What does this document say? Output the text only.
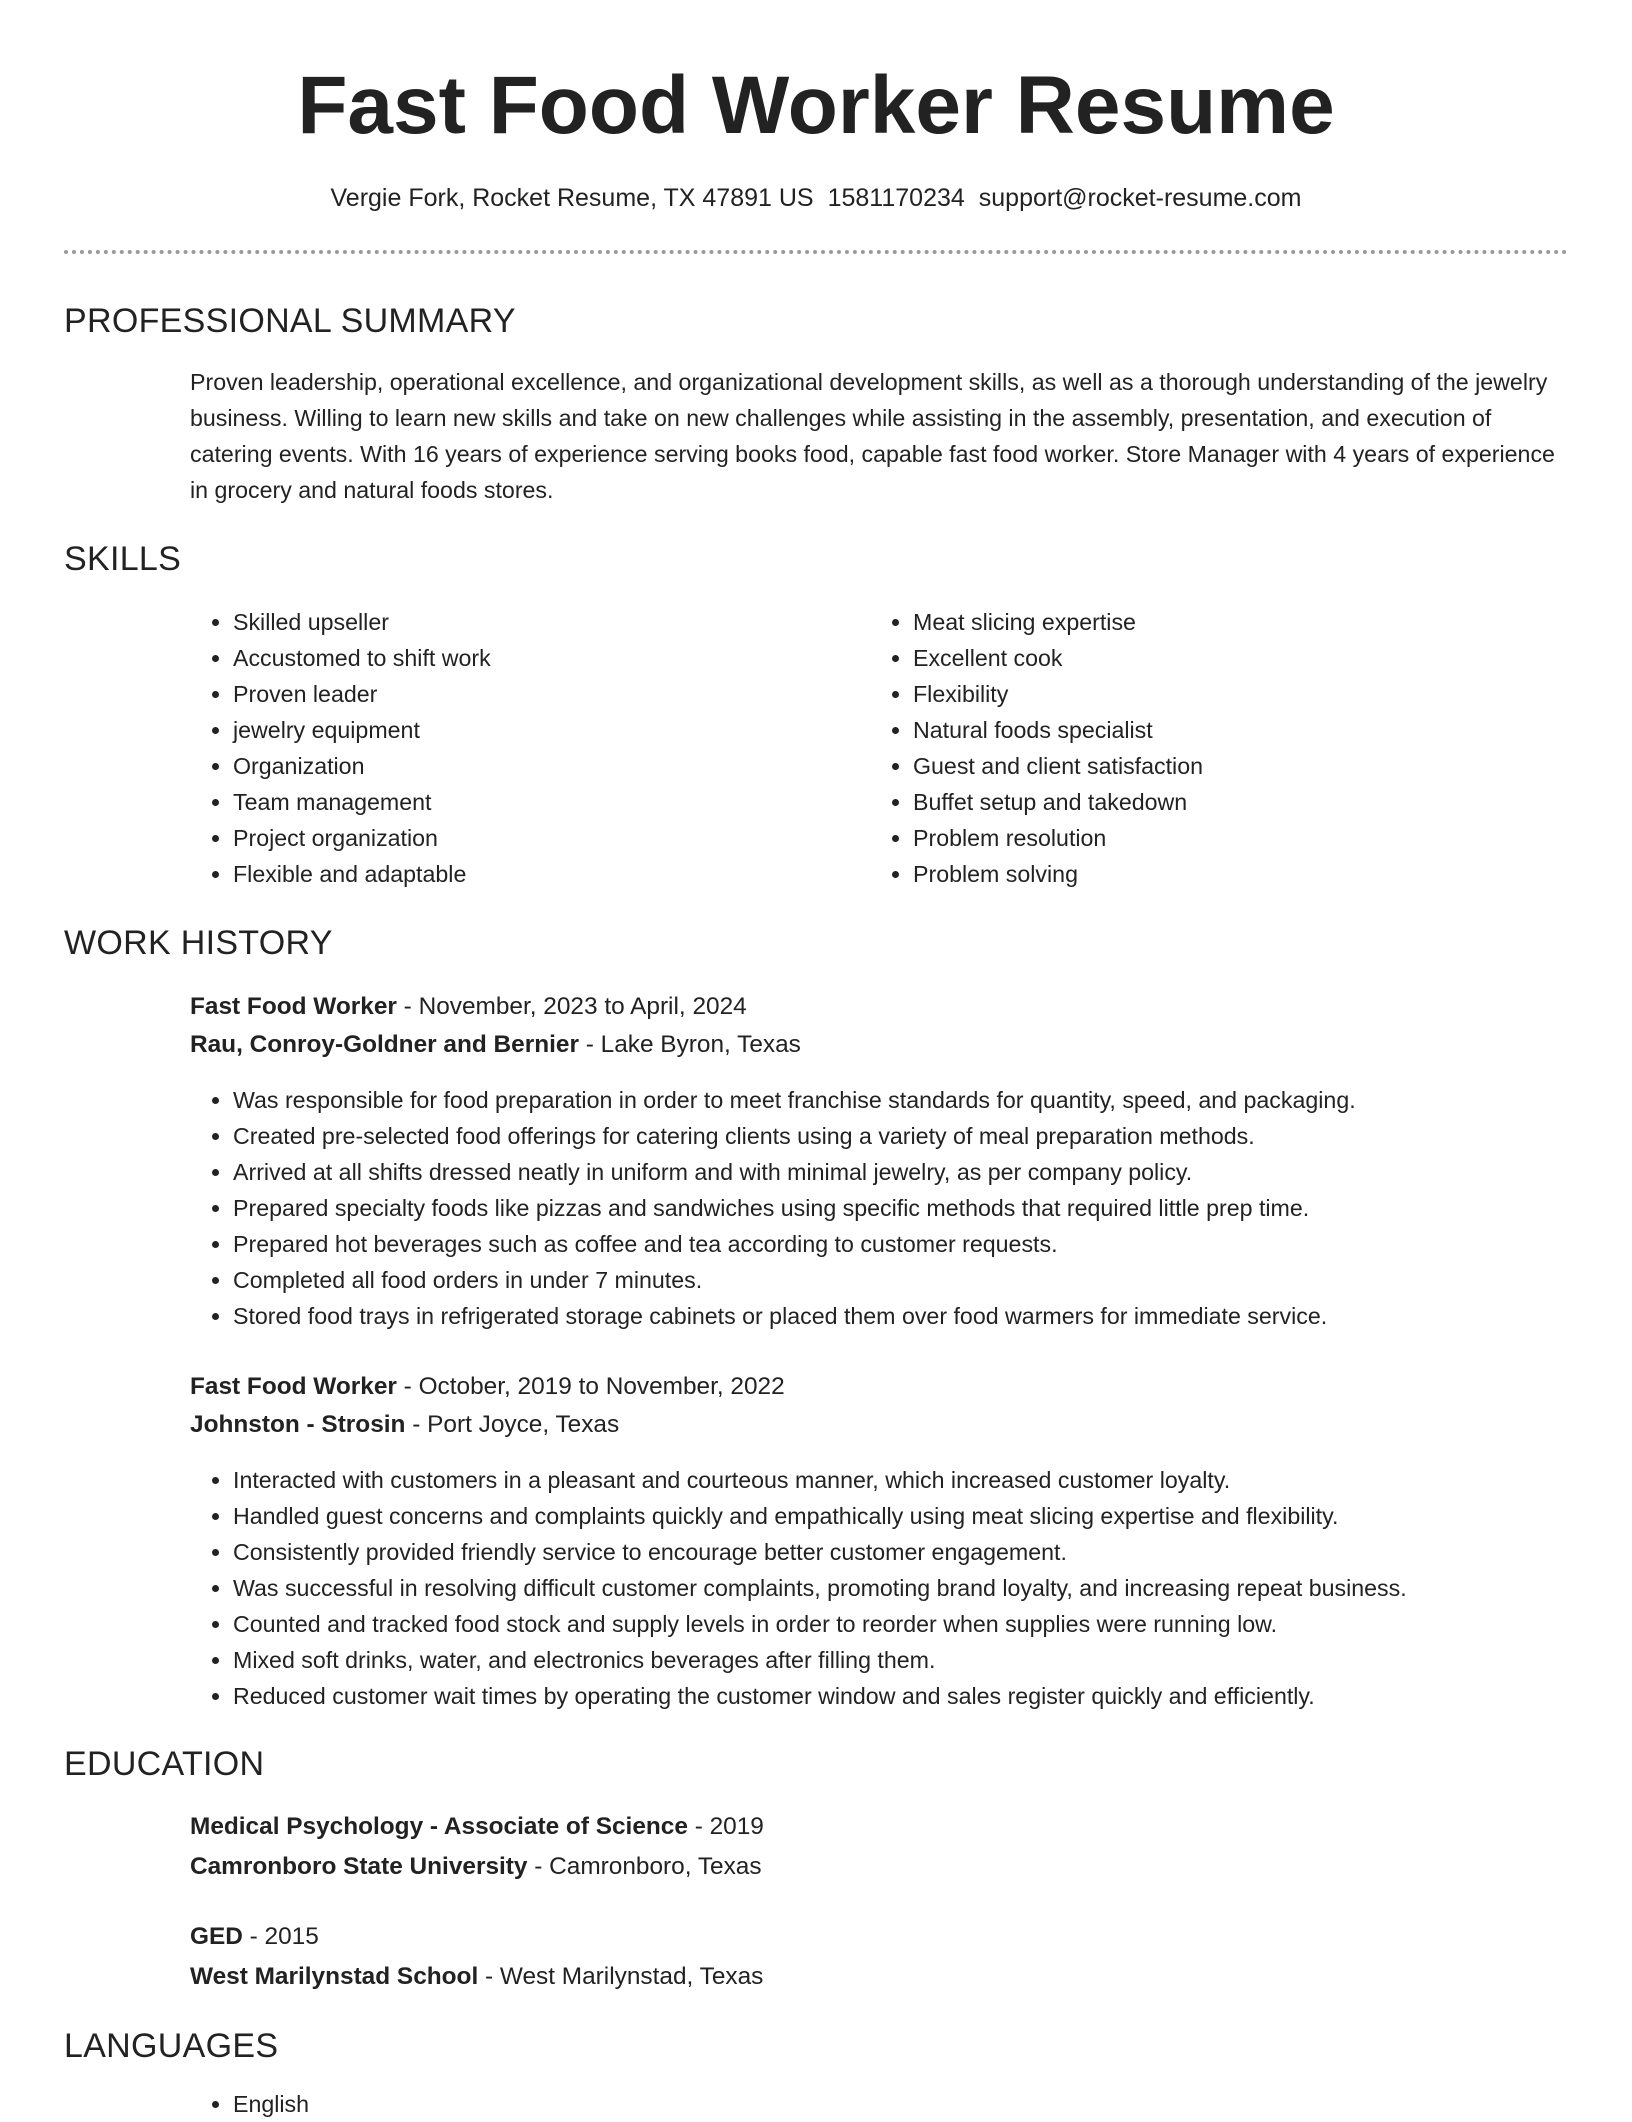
Fast Food Worker Resume
Vergie Fork, Rocket Resume, TX 47891 US 1581170234 support@rocket-resume.com
PROFESSIONAL SUMMARY

Proven leadership, operational excellence, and organizational development skills, as well as a thorough understanding of the jewelry business. Willing to learn new skills and take on new challenges while assisting in the assembly, presentation, and execution of catering events. With 16 years of experience serving books food, capable fast food worker. Store Manager with 4 years of experience in grocery and natural foods stores.

SKILLS
• Skilled upseller
• Accustomed to shift work
• Proven leader
• jewelry equipment
• Organization
• Team management
• Project organization
• Flexible and adaptable
• Meat slicing expertise
• Excellent cook
• Flexibility
• Natural foods specialist
• Guest and client satisfaction
• Buffet setup and takedown
• Problem resolution
• Problem solving
WORK HISTORY
Fast Food Worker - November, 2023 to April, 2024
Rau, Conroy-Goldner and Bernier - Lake Byron, Texas
• Was responsible for food preparation in order to meet franchise standards for quantity, speed, and packaging.
• Created pre-selected food offerings for catering clients using a variety of meal preparation methods.
• Arrived at all shifts dressed neatly in uniform and with minimal jewelry, as per company policy.
• Prepared specialty foods like pizzas and sandwiches using specific methods that required little prep time.
• Prepared hot beverages such as coffee and tea according to customer requests.
• Completed all food orders in under 7 minutes.
• Stored food trays in refrigerated storage cabinets or placed them over food warmers for immediate service.
Fast Food Worker - October, 2019 to November, 2022
Johnston - Strosin - Port Joyce, Texas
• Interacted with customers in a pleasant and courteous manner, which increased customer loyalty.
• Handled guest concerns and complaints quickly and empathically using meat slicing expertise and flexibility.
• Consistently provided friendly service to encourage better customer engagement.
• Was successful in resolving difficult customer complaints, promoting brand loyalty, and increasing repeat business.
• Counted and tracked food stock and supply levels in order to reorder when supplies were running low.
• Mixed soft drinks, water, and electronics beverages after filling them.
• Reduced customer wait times by operating the customer window and sales register quickly and efficiently.
EDUCATION
Medical Psychology - Associate of Science - 2019
Camronboro State University - Camronboro, Texas
GED - 2015
West Marilynstad School - West Marilynstad, Texas
LANGUAGES
• English
